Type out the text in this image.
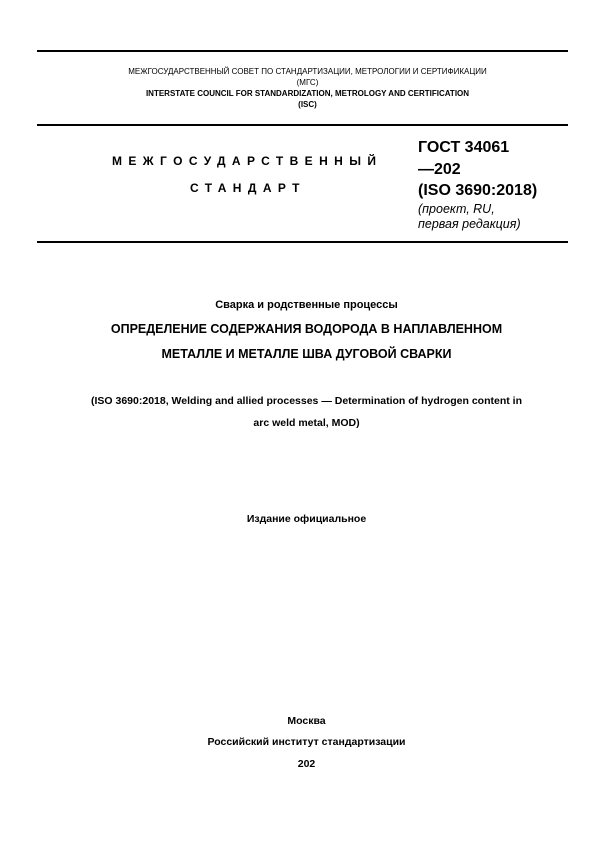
МЕЖГОСУДАРСТВЕННЫЙ СОВЕТ ПО СТАНДАРТИЗАЦИИ, МЕТРОЛОГИИ И СЕРТИФИКАЦИИ
(МГС)
INTERSTATE COUNCIL FOR STANDARDIZATION, METROLOGY AND CERTIFICATION
(ISC)
МЕЖГОСУДАРСТВЕННЫЙ
СТАНДАРТ
ГОСТ 34061
—202
(ISO 3690:2018)
(проект, RU,
первая редакция)
Сварка и родственные процессы
ОПРЕДЕЛЕНИЕ СОДЕРЖАНИЯ ВОДОРОДА В НАПЛАВЛЕННОМ
МЕТАЛЛЕ И МЕТАЛЛЕ ШВА ДУГОВОЙ СВАРКИ
(ISO 3690:2018, Welding and allied processes — Determination of hydrogen content in
arc weld metal, MOD)
Издание официальное
Москва
Российский институт стандартизации
202
